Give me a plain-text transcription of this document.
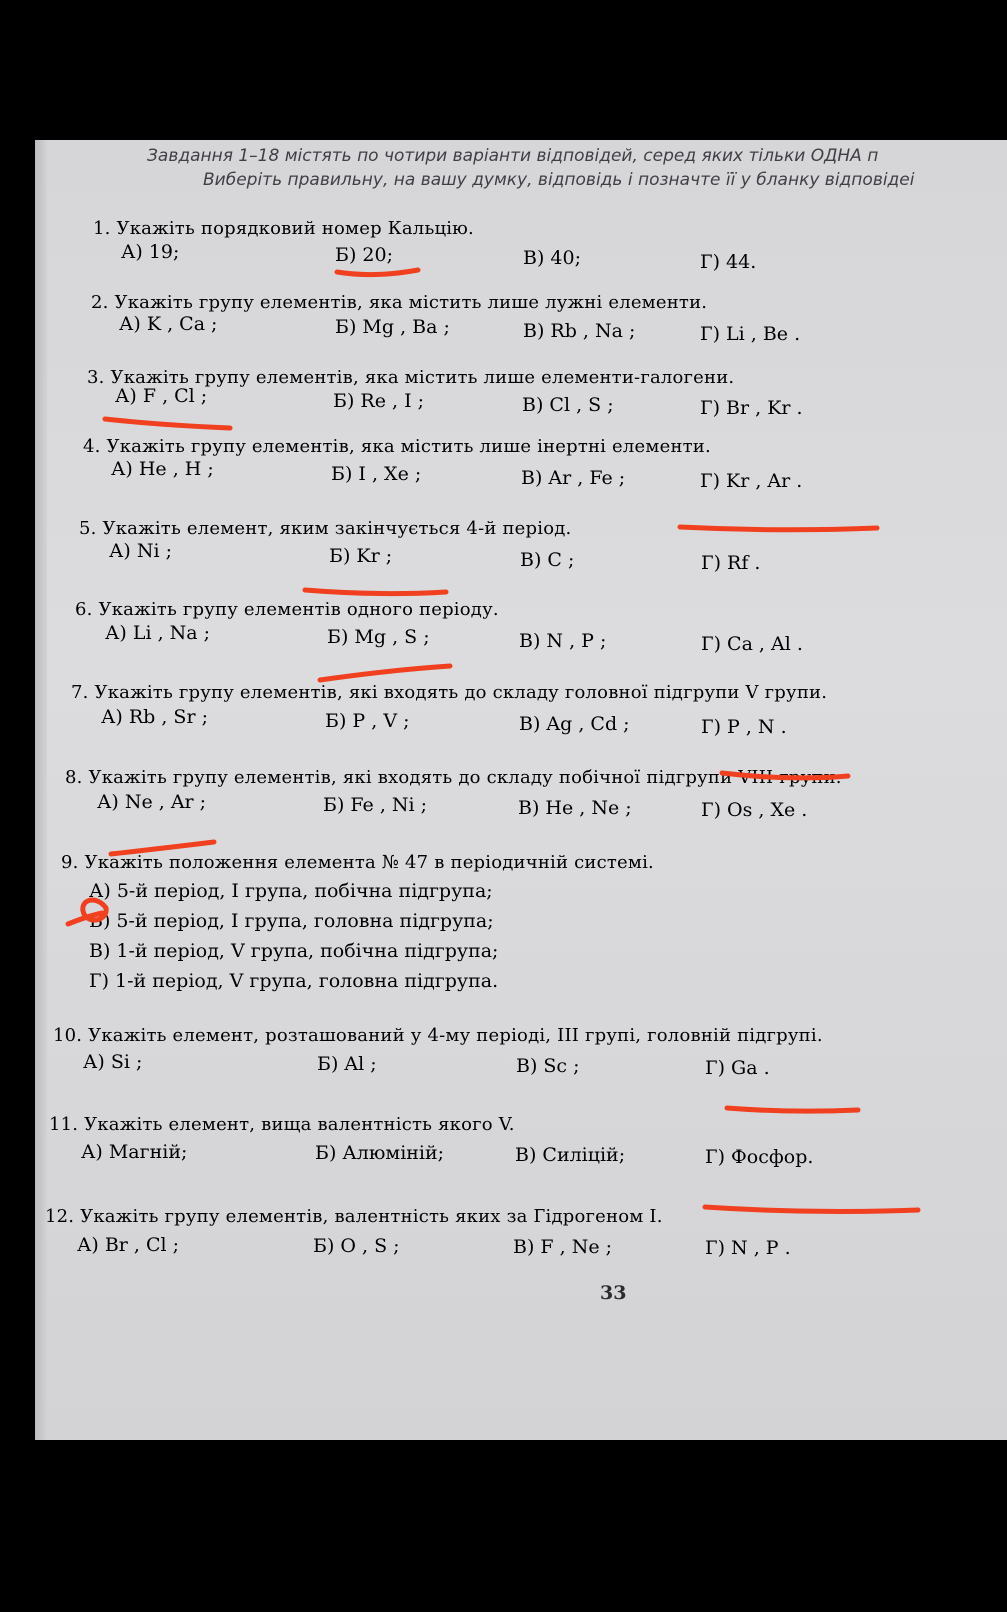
Завдання 1–18 містять по чотири варіанти відповідей, серед яких тільки ОДНА п
Виберіть правильну, на вашу думку, відповідь і позначте її у бланку відповідеі
1. Укажіть порядковий номер Кальцію.
А) 19;	Б) 20;	В) 40;	Г) 44.
2. Укажіть групу елементів, яка містить лише лужні елементи.
А) K , Ca ;	Б) Mg , Ba ;	В) Rb , Na ;	Г) Li , Be .
3. Укажіть групу елементів, яка містить лише елементи-галогени.
А) F , Cl ;	Б) Re , I ;	В) Cl , S ;	Г) Br , Kr .
4. Укажіть групу елементів, яка містить лише інертні елементи.
А) He , H ;	Б) I , Xe ;	В) Ar , Fe ;	Г) Kr , Ar .
5. Укажіть елемент, яким закінчується 4-й період.
А) Ni ;	Б) Kr ;	В) C ;	Г) Rf .
6. Укажіть групу елементів одного періоду.
А) Li , Na ;	Б) Mg , S ;	В) N , P ;	Г) Ca , Al .
7. Укажіть групу елементів, які входять до складу головної підгрупи V групи.
А) Rb , Sr ;	Б) P , V ;	В) Ag , Cd ;	Г) P , N .
8. Укажіть групу елементів, які входять до складу побічної підгрупи VIII групи.
А) Ne , Ar ;	Б) Fe , Ni ;	В) He , Ne ;	Г) Os , Xe .
9. Укажіть положення елемента № 47 в періодичній системі.
А) 5-й період, I група, побічна підгрупа;
Б) 5-й період, I група, головна підгрупа;
В) 1-й період, V група, побічна підгрупа;
Г) 1-й період, V група, головна підгрупа.
10. Укажіть елемент, розташований у 4-му періоді, III групі, головній підгрупі.
А) Si ;	Б) Al ;	В) Sc ;	Г) Ga .
11. Укажіть елемент, вища валентність якого V.
А) Магній;	Б) Алюміній;	В) Силіцій;	Г) Фосфор.
12. Укажіть групу елементів, валентність яких за Гідрогеном I.
А) Br , Cl ;	Б) O , S ;	В) F , Ne ;	Г) N , P .
33
